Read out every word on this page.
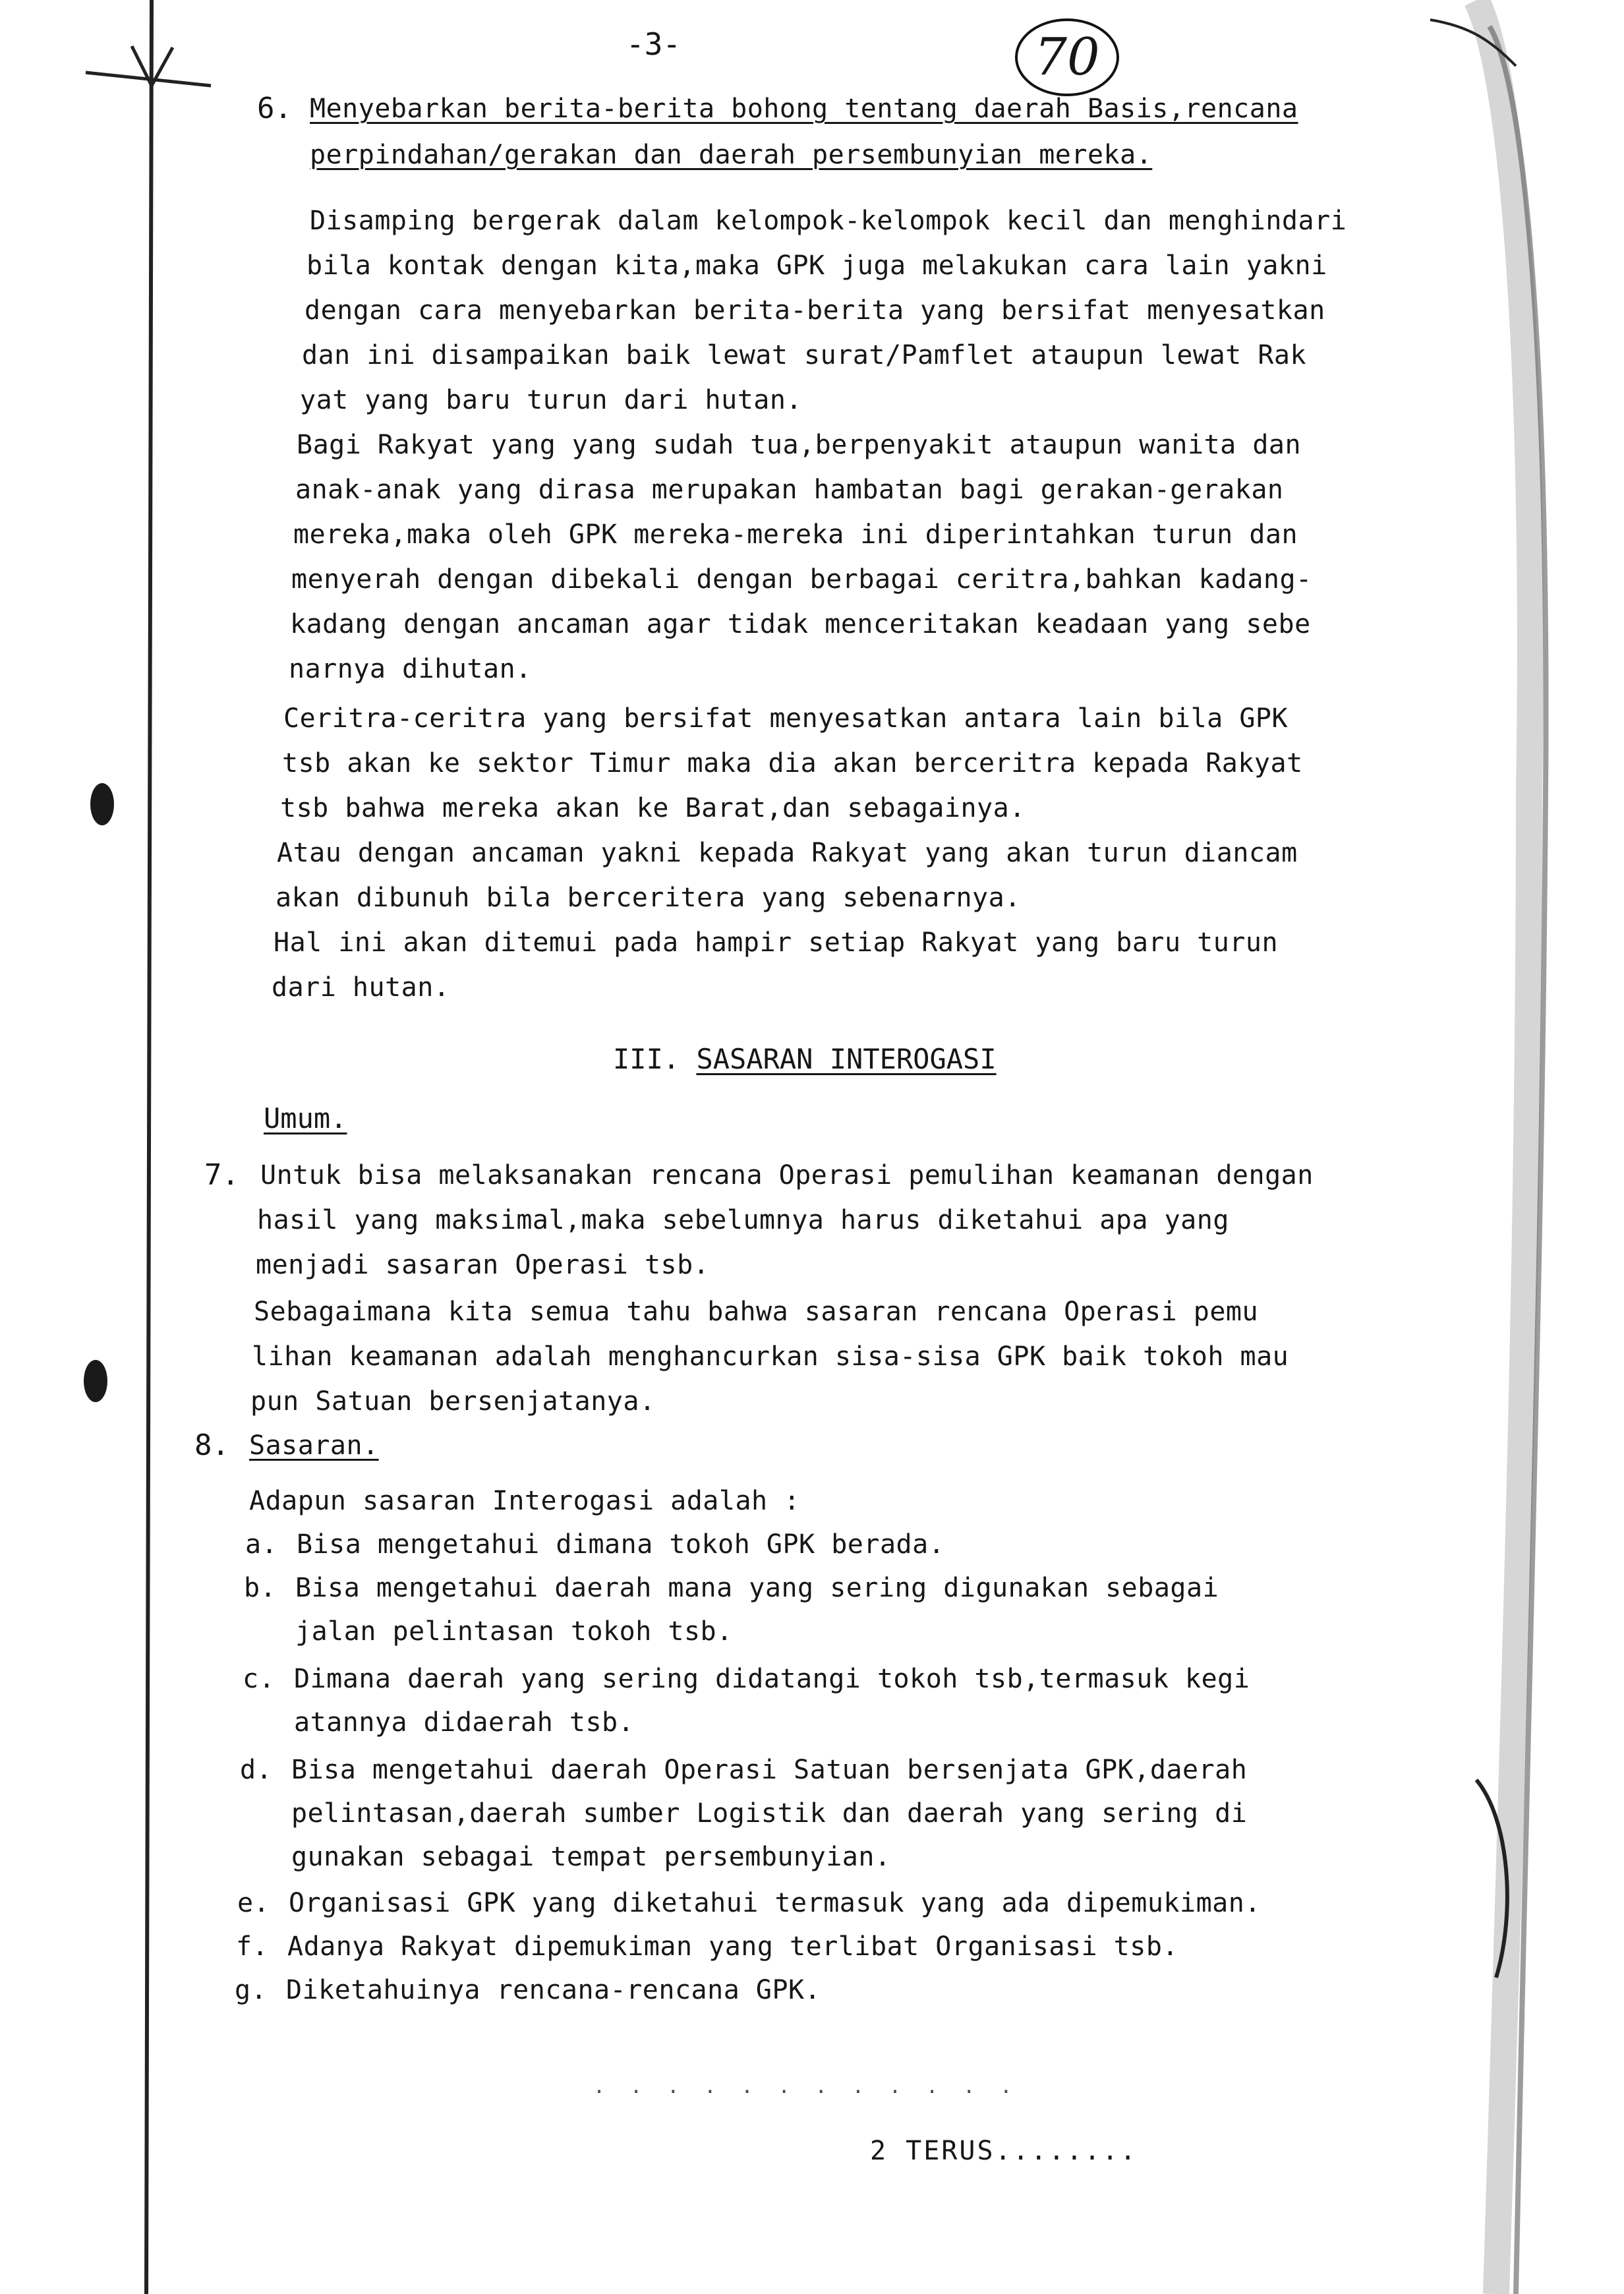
-3-	70
6. Menyebarkan berita-berita bohong tentang daerah Basis,rencana
perpindahan/gerakan dan daerah persembunyian mereka.
Disamping bergerak dalam kelompok-kelompok kecil dan menghindari
bila kontak dengan kita,maka GPK juga melakukan cara lain yakni
dengan cara menyebarkan berita-berita yang bersifat menyesatkan
dan ini disampaikan baik lewat surat/Pamflet ataupun lewat Rak
yat yang baru turun dari hutan.
Bagi Rakyat yang yang sudah tua,berpenyakit ataupun wanita dan
anak-anak yang dirasa merupakan hambatan bagi gerakan-gerakan
mereka,maka oleh GPK mereka-mereka ini diperintahkan turun dan
menyerah dengan dibekali dengan berbagai ceritra,bahkan kadang-
kadang dengan ancaman agar tidak menceritakan keadaan yang sebe
narnya dihutan.
Ceritra-ceritra yang bersifat menyesatkan antara lain bila GPK
tsb akan ke sektor Timur maka dia akan berceritra kepada Rakyat
tsb bahwa mereka akan ke Barat,dan sebagainya.
Atau dengan ancaman yakni kepada Rakyat yang akan turun diancam
akan dibunuh bila berceritera yang sebenarnya.
Hal ini akan ditemui pada hampir setiap Rakyat yang baru turun
dari hutan.
III. SASARAN INTEROGASI
Umum.
7. Untuk bisa melaksanakan rencana Operasi pemulihan keamanan dengan
hasil yang maksimal,maka sebelumnya harus diketahui apa yang
menjadi sasaran Operasi tsb.
Sebagaimana kita semua tahu bahwa sasaran rencana Operasi pemu
lihan keamanan adalah menghancurkan sisa-sisa GPK baik tokoh mau
pun Satuan bersenjatanya.
8. Sasaran.
Adapun sasaran Interogasi adalah :
a. Bisa mengetahui dimana tokoh GPK berada.
b. Bisa mengetahui daerah mana yang sering digunakan sebagai
jalan pelintasan tokoh tsb.
c. Dimana daerah yang sering didatangi tokoh tsb,termasuk kegi
atannya didaerah tsb.
d. Bisa mengetahui daerah Operasi Satuan bersenjata GPK,daerah
pelintasan,daerah sumber Logistik dan daerah yang sering di
gunakan sebagai tempat persembunyian.
e. Organisasi GPK yang diketahui termasuk yang ada dipemukiman.
f. Adanya Rakyat dipemukiman yang terlibat Organisasi tsb.
g. Diketahuinya rencana-rencana GPK.
. . . . . . . . . . . .
2 TERUS........
